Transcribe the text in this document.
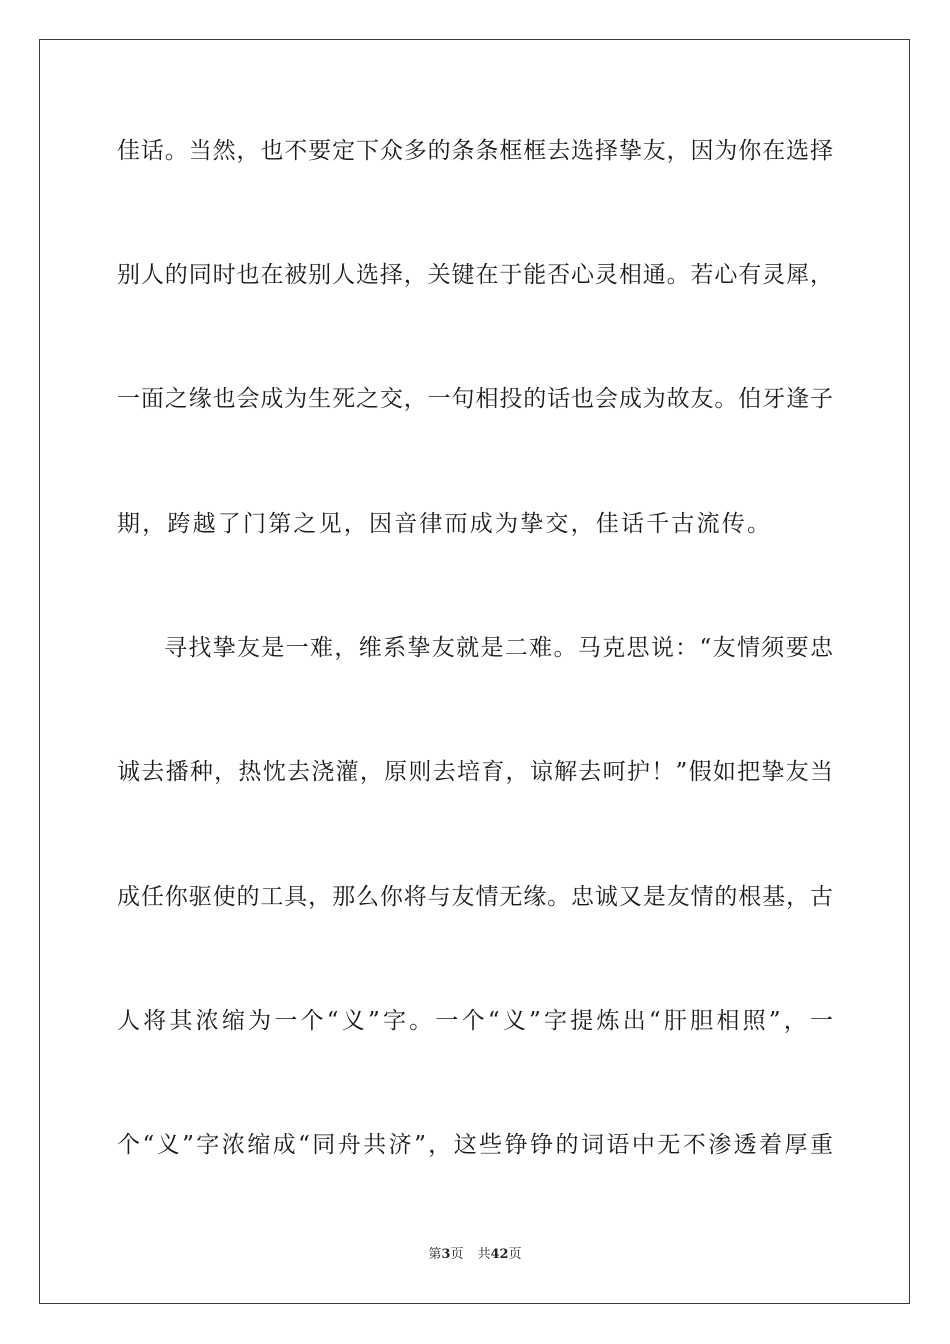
佳话。当然，也不要定下众多的条条框框去选择挚友，因为你在选择
别人的同时也在被别人选择，关键在于能否心灵相通。若心有灵犀，
一面之缘也会成为生死之交，一句相投的话也会成为故友。伯牙逢子
期，跨越了门第之见，因音律而成为挚交，佳话千古流传。
寻找挚友是一难，维系挚友就是二难。马克思说：“友情须要忠
诚去播种，热忱去浇灌，原则去培育，谅解去呵护！”假如把挚友当
成任你驱使的工具，那么你将与友情无缘。忠诚又是友情的根基，古
人将其浓缩为一个“义”字。一个“义”字提炼出“肝胆相照”，一
个“义”字浓缩成“同舟共济”，这些铮铮的词语中无不渗透着厚重
第3页 共42页
